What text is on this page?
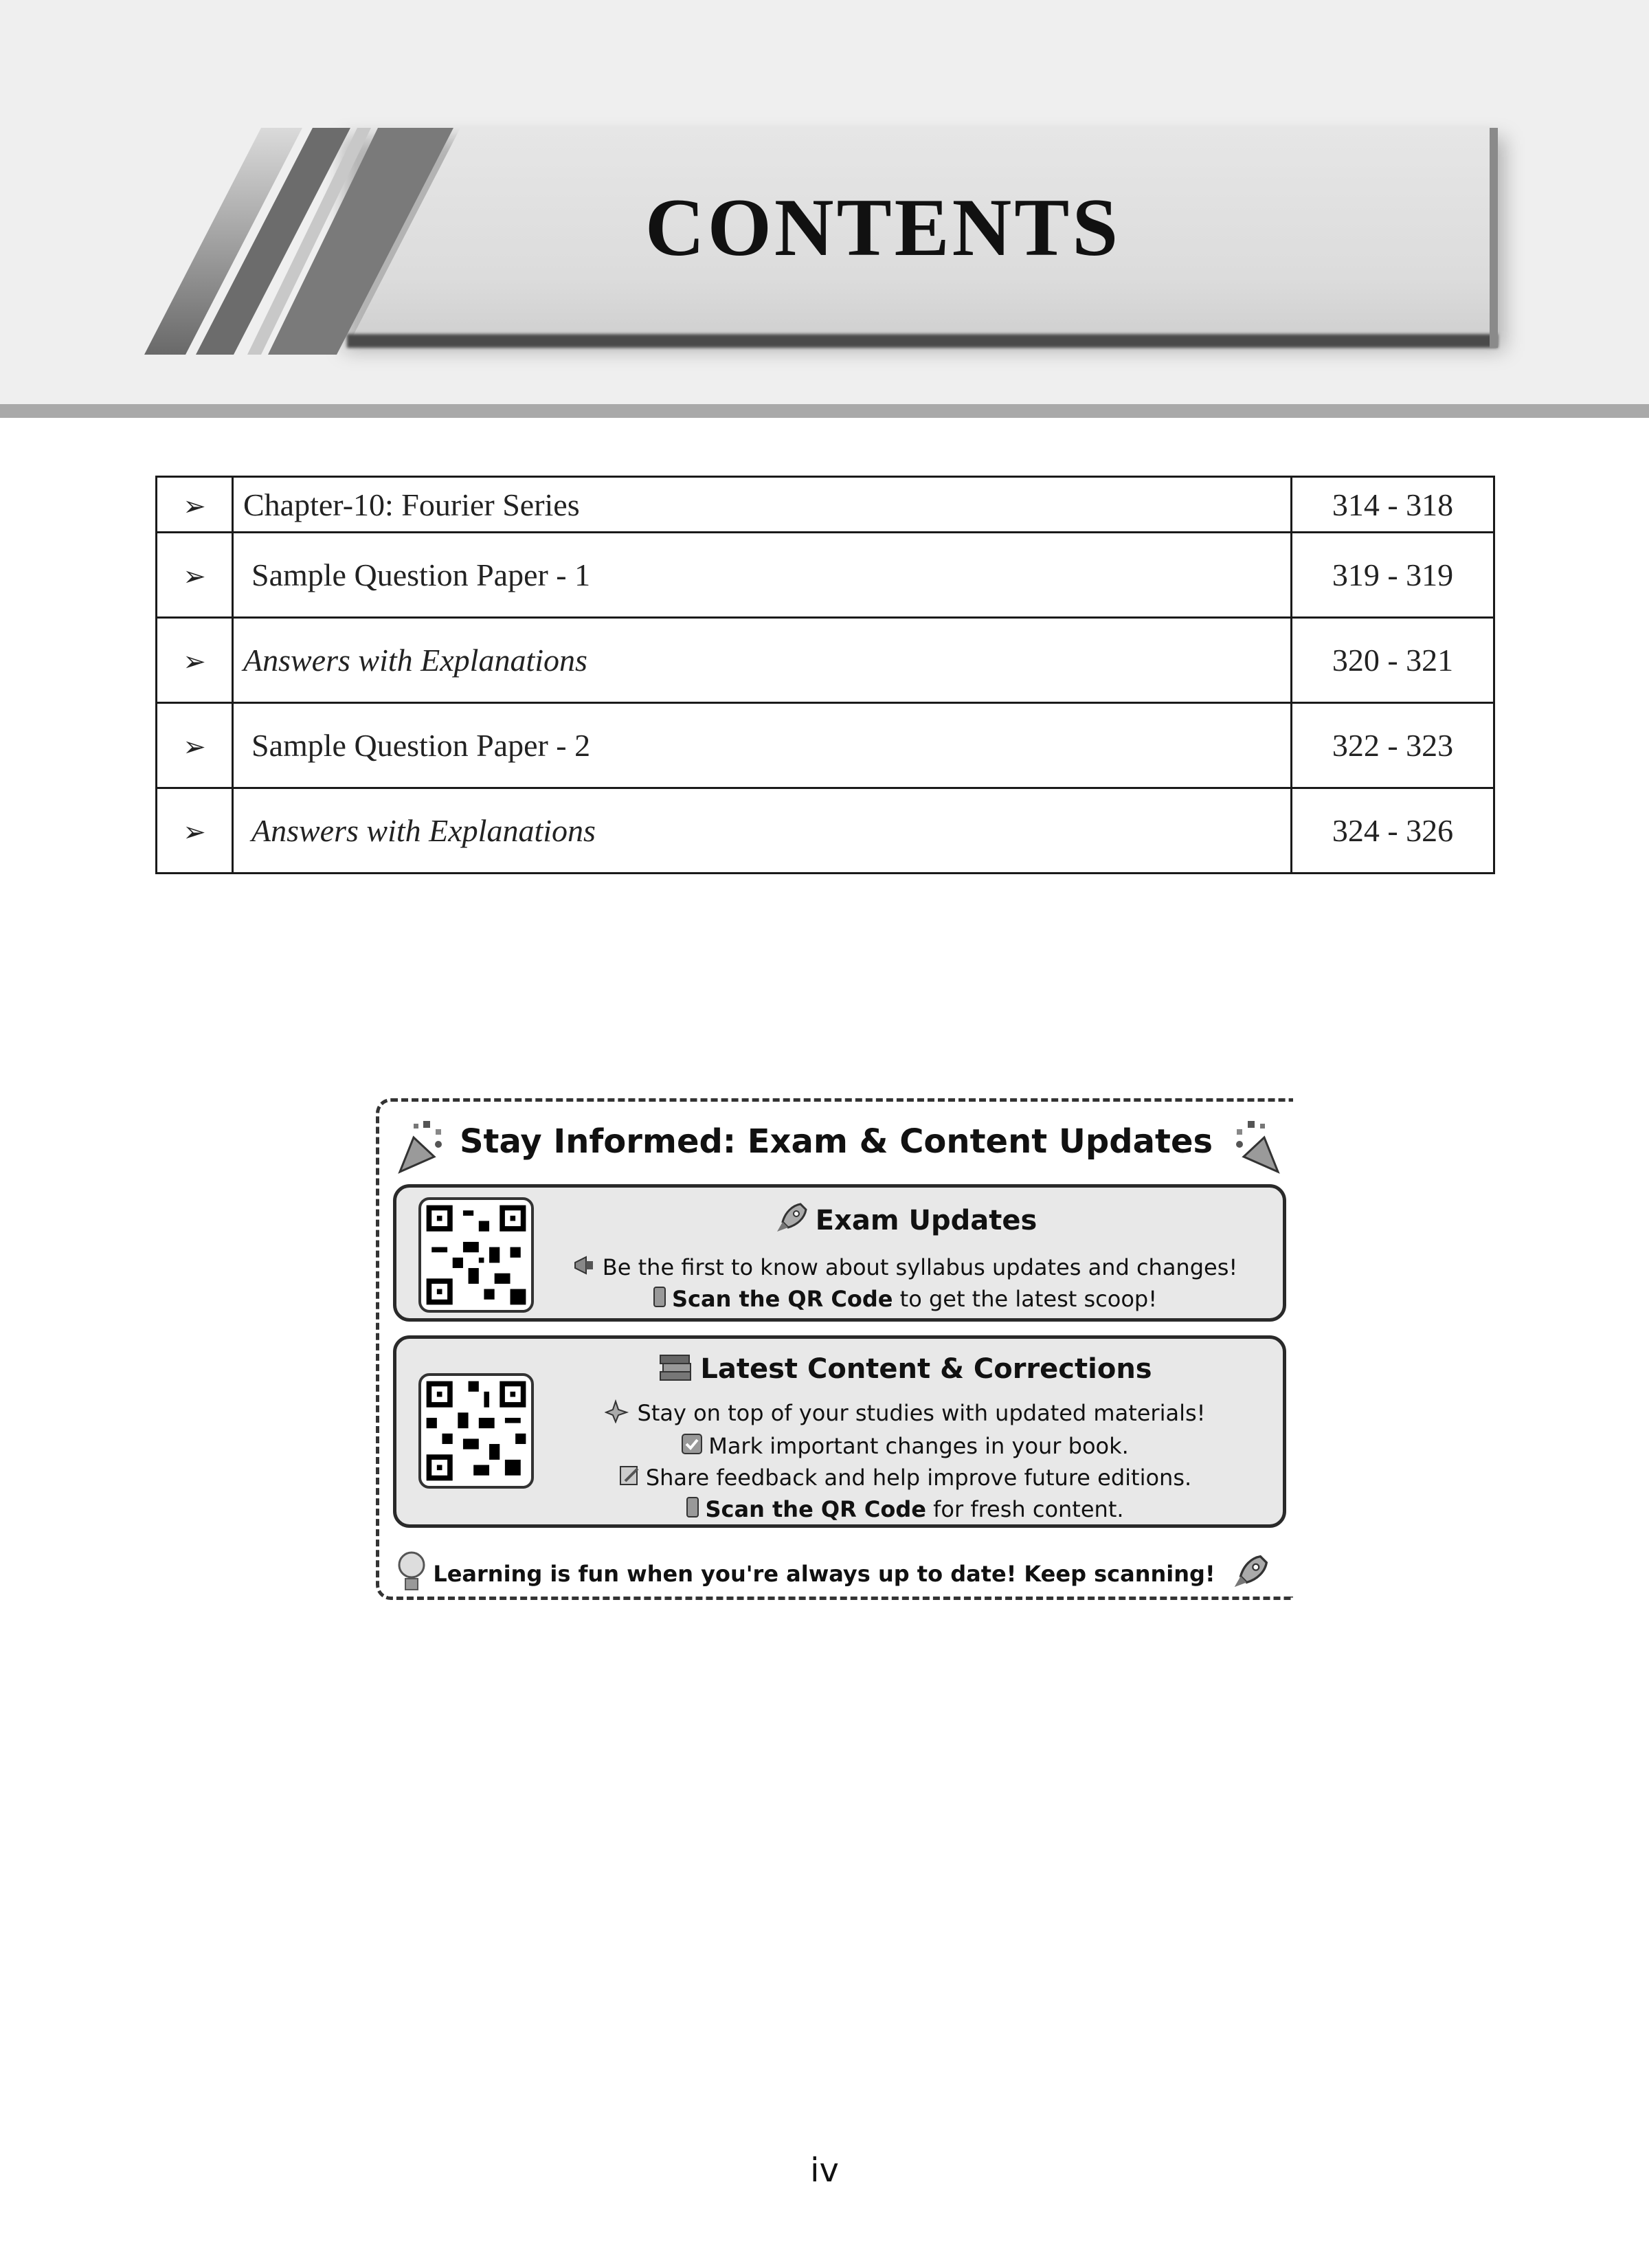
CONTENTS
➢	Chapter-10: Fourier Series	314 - 318
➢	Sample Question Paper - 1	319 - 319
➢	Answers with Explanations	320 - 321
➢	Sample Question Paper - 2	322 - 323
➢	Answers with Explanations	324 - 326
Stay Informed: Exam & Content Updates
Exam Updates
Be the first to know about syllabus updates and changes!
Scan the QR Code to get the latest scoop!
Latest Content & Corrections
Stay on top of your studies with updated materials!
Mark important changes in your book.
Share feedback and help improve future editions.
Scan the QR Code for fresh content.
Learning is fun when you're always up to date! Keep scanning!
iv
